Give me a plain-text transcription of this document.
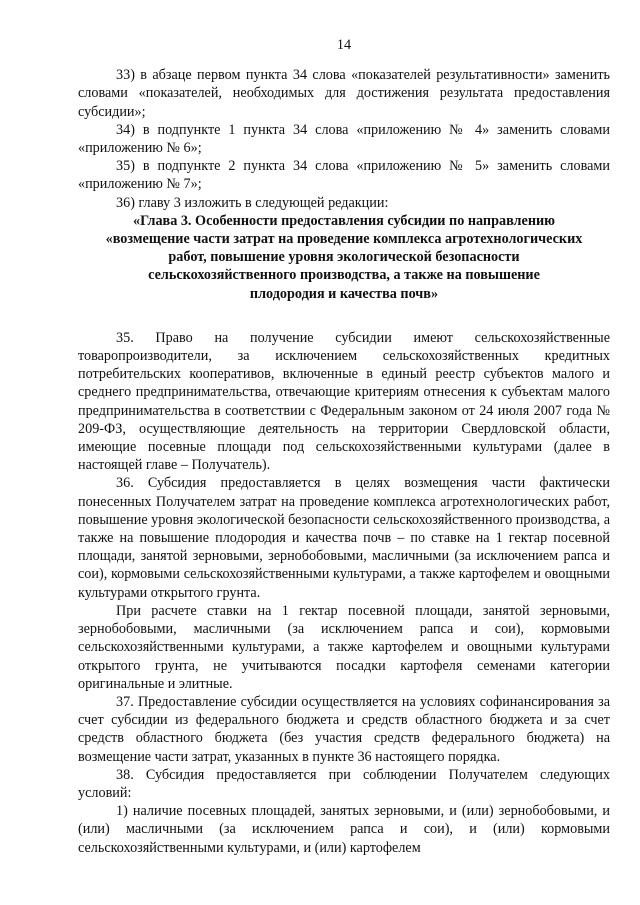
14

33) в абзаце первом пункта 34 слова «показателей результативности» заменить словами «показателей, необходимых для достижения результата предоставления субсидии»;

34) в подпункте 1 пункта 34 слова «приложению № 4» заменить словами «приложению № 6»;

35) в подпункте 2 пункта 34 слова «приложению № 5» заменить словами «приложению № 7»;

36) главу 3 изложить в следующей редакции:

«Глава 3. Особенности предоставления субсидии по направлению
«возмещение части затрат на проведение комплекса агротехнологических
работ, повышение уровня экологической безопасности
сельскохозяйственного производства, а также на повышение
плодородия и качества почв»

35. Право на получение субсидии имеют сельскохозяйственные товаропроизводители, за исключением сельскохозяйственных кредитных потребительских кооперативов, включенные в единый реестр субъектов малого и среднего предпринимательства, отвечающие критериям отнесения к субъектам малого предпринимательства в соответствии с Федеральным законом от 24 июля 2007 года № 209-ФЗ, осуществляющие деятельность на территории Свердловской области, имеющие посевные площади под сельскохозяйственными культурами (далее в настоящей главе – Получатель).

36. Субсидия предоставляется в целях возмещения части фактически понесенных Получателем затрат на проведение комплекса агротехнологических работ, повышение уровня экологической безопасности сельскохозяйственного производства, а также на повышение плодородия и качества почв – по ставке на 1 гектар посевной площади, занятой зерновыми, зернобобовыми, масличными (за исключением рапса и сои), кормовыми сельскохозяйственными культурами, а также картофелем и овощными культурами открытого грунта.

При расчете ставки на 1 гектар посевной площади, занятой зерновыми, зернобобовыми, масличными (за исключением рапса и сои), кормовыми сельскохозяйственными культурами, а также картофелем и овощными культурами открытого грунта, не учитываются посадки картофеля семенами категории оригинальные и элитные.

37. Предоставление субсидии осуществляется на условиях софинансирования за счет субсидии из федерального бюджета и средств областного бюджета и за счет средств областного бюджета (без участия средств федерального бюджета) на возмещение части затрат, указанных в пункте 36 настоящего порядка.

38. Субсидия предоставляется при соблюдении Получателем следующих условий:

1) наличие посевных площадей, занятых зерновыми, и (или) зернобобовыми, и (или) масличными (за исключением рапса и сои), и (или) кормовыми сельскохозяйственными культурами, и (или) картофелем
